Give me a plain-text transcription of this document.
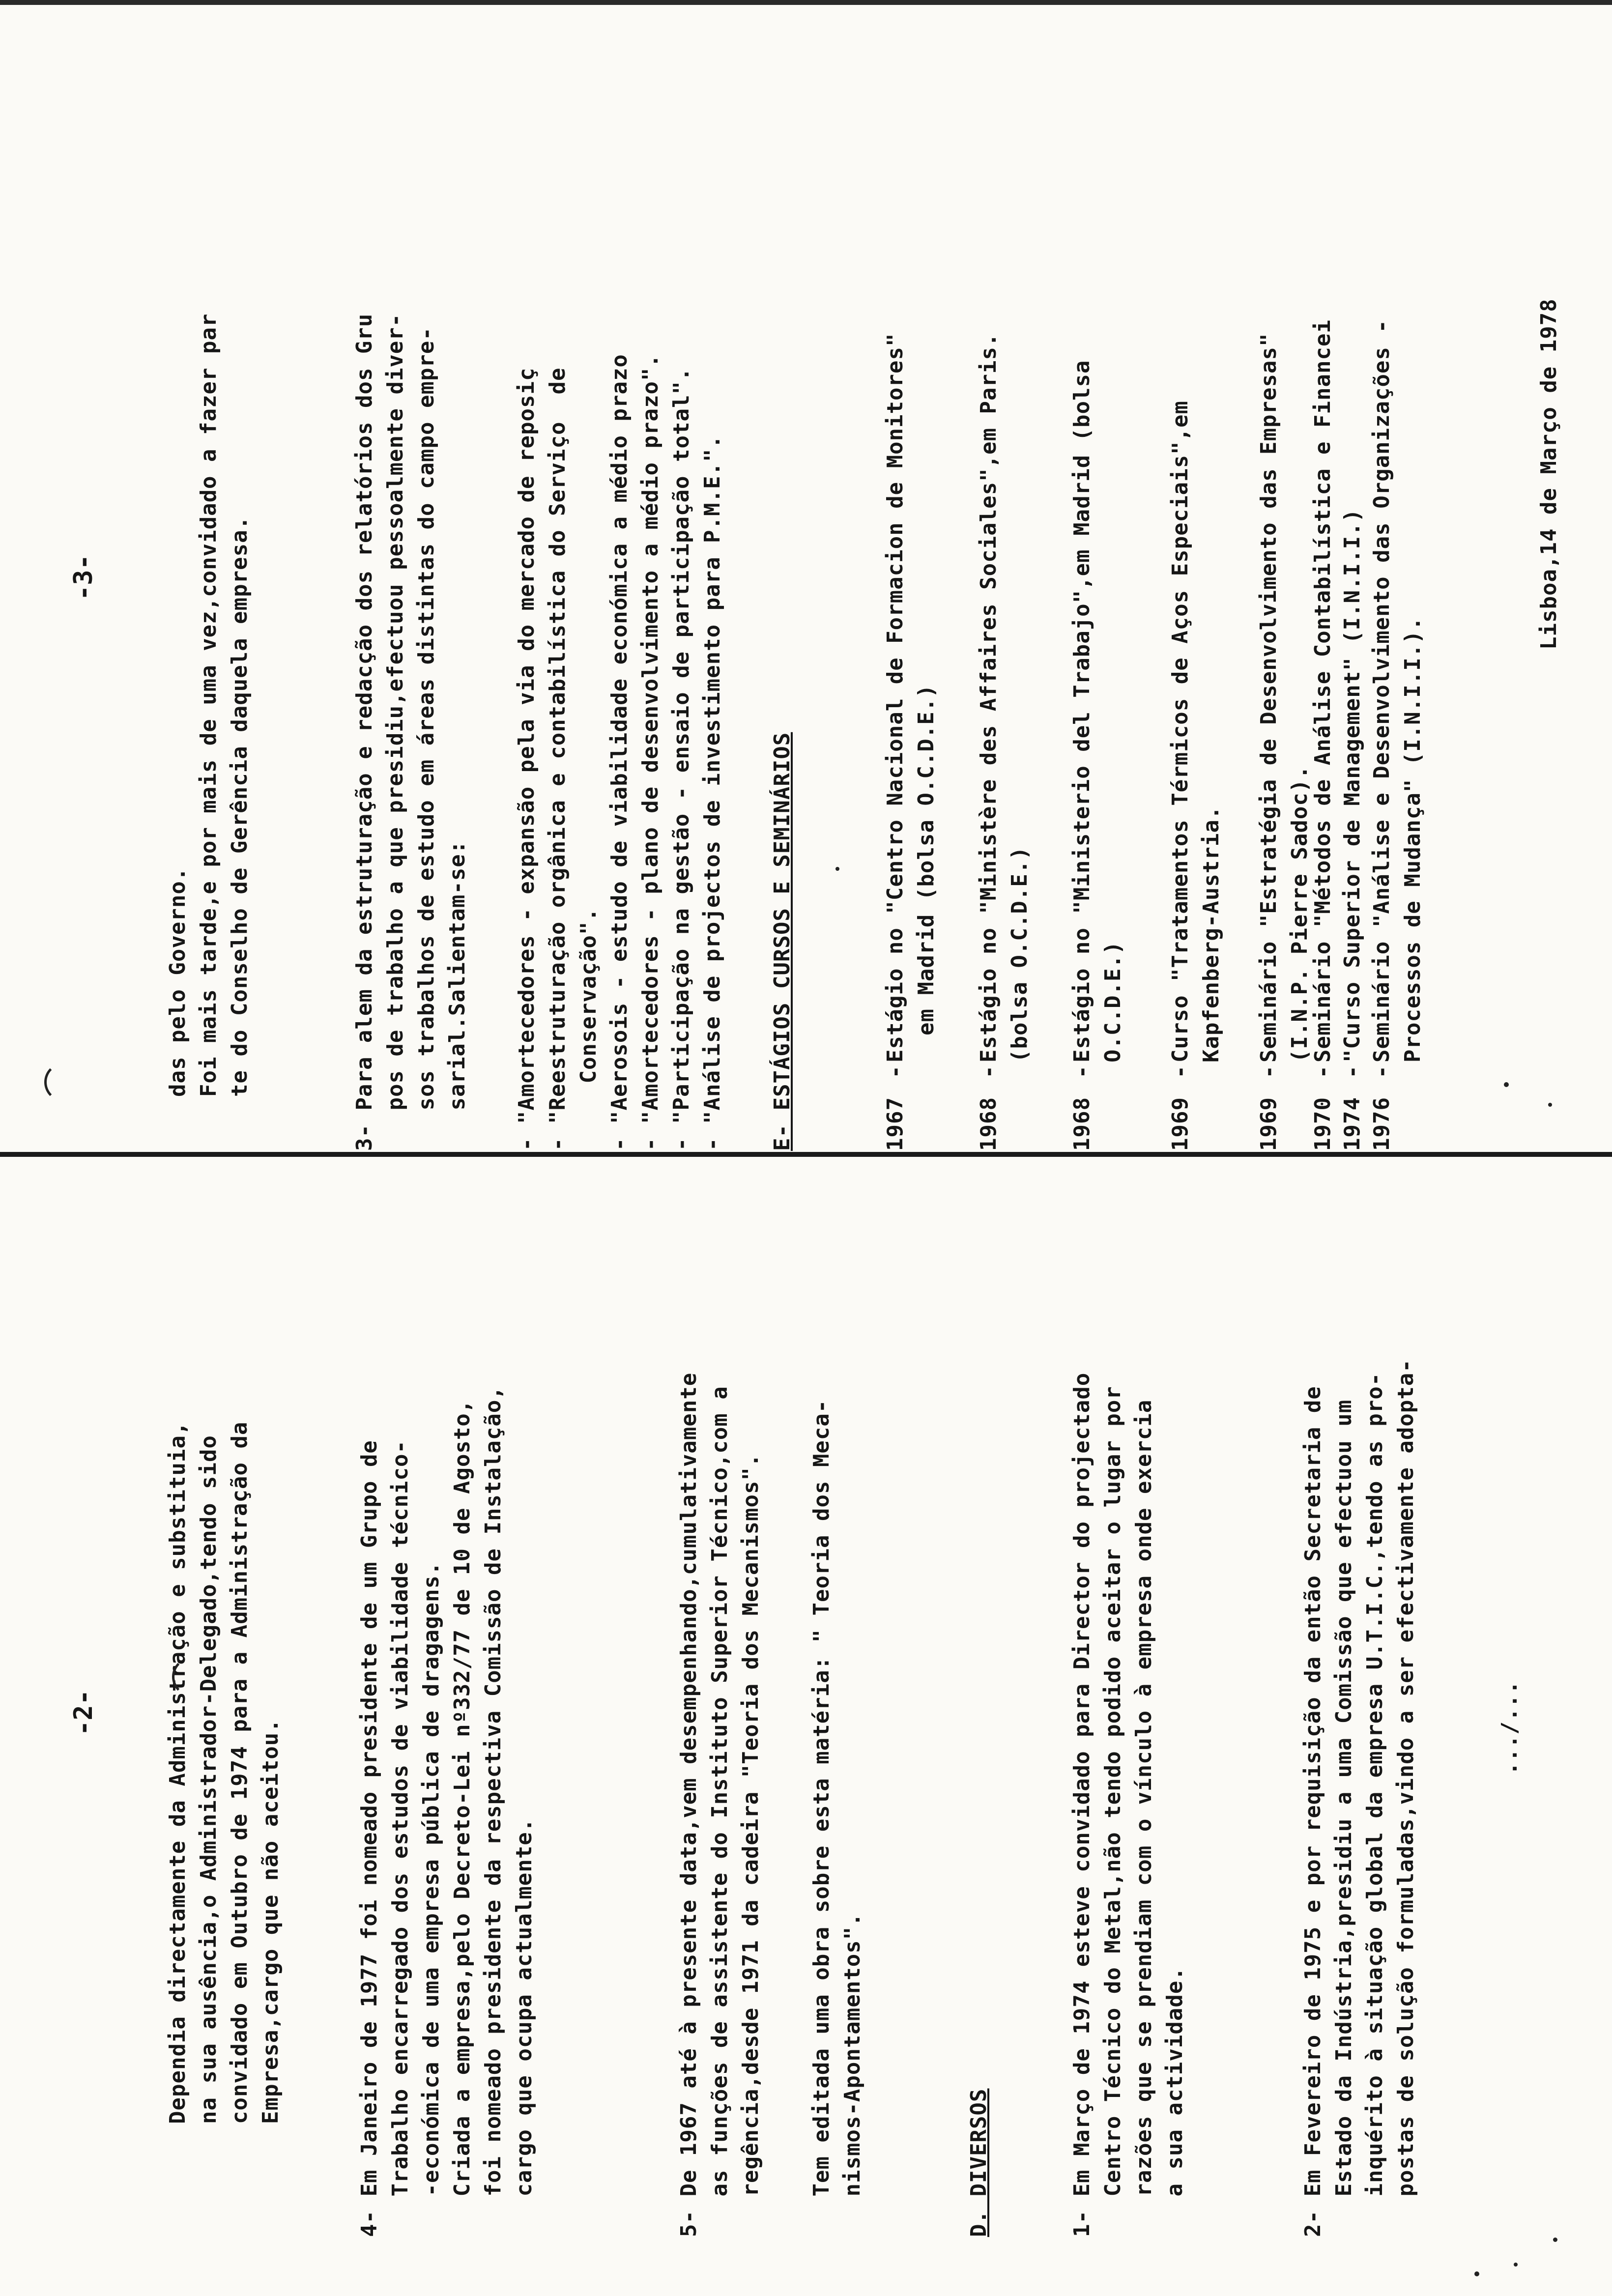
-2-
Dependia directamente da Administração e substituia,
na sua ausência,o Administrador-Delegado,tendo sido
convidado em Outubro de 1974 para a Administração da
Empresa,cargo que não aceitou.
4- Em Janeiro de 1977 foi nomeado presidente de um Grupo de
Trabalho encarregado dos estudos de viabilidade técnico-
-económica de uma empresa pública de dragagens.
Criada a empresa,pelo Decreto-Lei nº332/77 de 10 de Agosto,
foi nomeado presidente da respectiva Comissão de Instalação,
cargo que ocupa actualmente.
5- De 1967 até à presente data,vem desempenhando,cumulativamente
as funções de assistente do Instituto Superior Técnico,com a
regência,desde 1971 da cadeira "Teoria dos Mecanismos".
Tem editada uma obra sobre esta matéria: " Teoria dos Meca-
nismos-Apontamentos".	D. DIVERSOS	1- Em Março de 1974 esteve convidado para Director do projectado
Centro Técnico do Metal,não tendo podido aceitar o lugar por
razões que se prendiam com o vínculo à empresa onde exercia
a sua actividade.
2- Em Fevereiro de 1975 e por requisição da então Secretaria de
Estado da Indústria,presidiu a uma Comissão que efectuou um
inquérito à situação global da empresa U.T.I.C.,tendo as pro-
postas de solução formuladas,vindo a ser efectivamente adopta-
.../...
-3-
das pelo Governo.
Foi mais tarde,e por mais de uma vez,convidado a fazer par
te do Conselho de Gerência daquela empresa.
3- Para alem da estruturação e redacção dos relatórios dos Gru
pos de trabalho a que presidiu,efectuou pessoalmente diver-
sos trabalhos de estudo em áreas distintas do campo empre-
sarial.Salientam-se:
- "Amortecedores - expansão pela via do mercado de reposiç
- "Reestruturação orgânica e contabilística do Serviço  de
Conservação".
- "Aerosois - estudo de viabilidade económica a médio prazo
- "Amortecedores - plano de desenvolvimento a médio prazo".
- "Participação na gestão - ensaio de participação total".
- "Análise de projectos de investimento para P.M.E.".
E- ESTÁGIOS CURSOS E SEMINÁRIOS	1967
-
Estágio no "Centro Nacional de Formacion de Monitores"
em Madrid (bolsa O.C.D.E.)
1968
-
Estágio no "Ministère des Affaires Sociales",em Paris.
(bolsa O.C.D.E.)
1968
-
Estágio no "Ministerio del Trabajo",em Madrid (bolsa
O.C.D.E.)
1969
-
Curso "Tratamentos Térmicos de Aços Especiais",em
Kapfenberg-Austria.
1969
-
Seminário "Estratégia de Desenvolvimento das Empresas"
(I.N.P. Pierre Sadoc).
1970
-
Seminário "Métodos de Análise Contabilística e Financei
1974
-
"Curso Superior de Management" (I.N.I.I.)
1976
-
Seminário "Análise e Desenvolvimento das Organizações -
Processos de Mudança" (I.N.I.I.).
Lisboa,14 de Março de 1978
